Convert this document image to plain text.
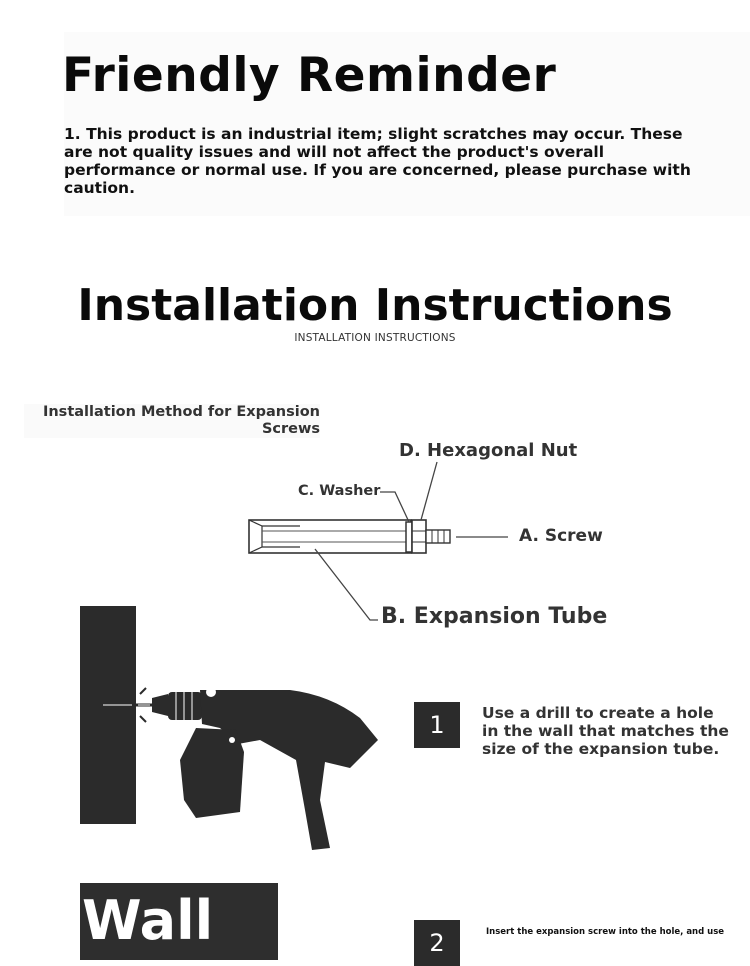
Friendly Reminder

1. This product is an industrial item; slight scratches may occur. These are not quality issues and will not affect the product's overall performance or normal use. If you are concerned, please purchase with caution.

Installation Instructions
INSTALLATION INSTRUCTIONS
Installation Method for Expansion Screws
D. Hexagonal Nut
C. Washer
A. Screw
B. Expansion Tube
1	Use a drill to create a hole in the wall that matches the size of the expansion tube.
Wall	2	Insert the expansion screw into the hole, and use
